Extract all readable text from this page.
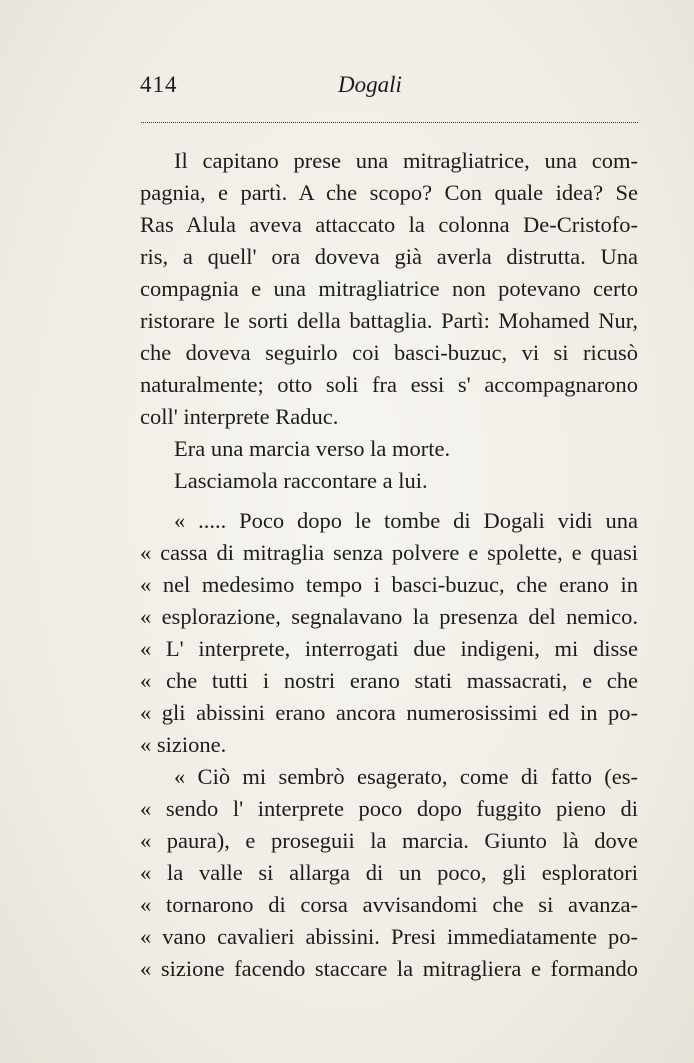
414	Dogali
Il capitano prese una mitragliatrice, una com-
pagnia, e partì. A che scopo? Con quale idea? Se
Ras Alula aveva attaccato la colonna De-Cristofo-
ris, a quell' ora doveva già averla distrutta. Una
compagnia e una mitragliatrice non potevano certo
ristorare le sorti della battaglia. Partì: Mohamed Nur,
che doveva seguirlo coi basci-buzuc, vi si ricusò
naturalmente; otto soli fra essi s' accompagnarono
coll' interprete Raduc.
Era una marcia verso la morte.
Lasciamola raccontare a lui.
« ..... Poco dopo le tombe di Dogali vidi una
« cassa di mitraglia senza polvere e spolette, e quasi
« nel medesimo tempo i basci-buzuc, che erano in
« esplorazione, segnalavano la presenza del nemico.
« L' interprete, interrogati due indigeni, mi disse
« che tutti i nostri erano stati massacrati, e che
« gli abissini erano ancora numerosissimi ed in po-
« sizione.
« Ciò mi sembrò esagerato, come di fatto (es-
« sendo l' interprete poco dopo fuggito pieno di
« paura), e proseguii la marcia. Giunto là dove
« la valle si allarga di un poco, gli esploratori
« tornarono di corsa avvisandomi che si avanza-
« vano cavalieri abissini. Presi immediatamente po-
« sizione facendo staccare la mitragliera e formando
